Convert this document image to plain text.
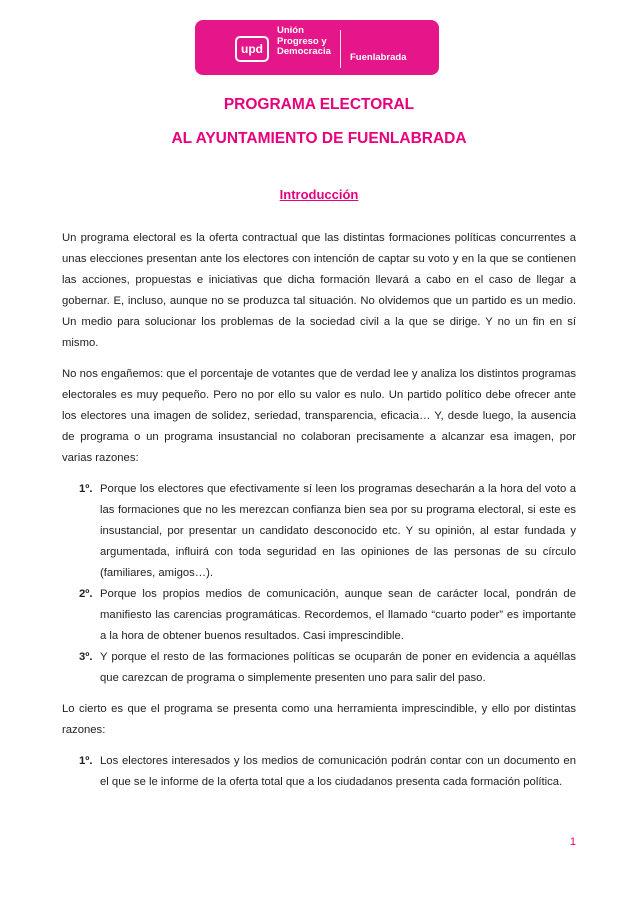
upd
Unión
Progreso y
Democracia
Fuenlabrada
PROGRAMA ELECTORAL
AL AYUNTAMIENTO DE FUENLABRADA
Introducción

Un programa electoral es la oferta contractual que las distintas formaciones políticas concurrentes a unas elecciones presentan ante los electores con intención de captar su voto y en la que se contienen las acciones, propuestas e iniciativas que dicha formación llevará a cabo en el caso de llegar a gobernar. E, incluso, aunque no se produzca tal situación. No olvidemos que un partido es un medio. Un medio para solucionar los problemas de la sociedad civil a la que se dirige. Y no un fin en sí mismo.

No nos engañemos: que el porcentaje de votantes que de verdad lee y analiza los distintos programas electorales es muy pequeño. Pero no por ello su valor es nulo. Un partido político debe ofrecer ante los electores una imagen de solidez, seriedad, transparencia, eficacia… Y, desde luego, la ausencia de programa o un programa insustancial no colaboran precisamente a alcanzar esa imagen, por varias razones:

1º. Porque los electores que efectivamente sí leen los programas desecharán a la hora del voto a las formaciones que no les merezcan confianza bien sea por su programa electoral, si este es insustancial, por presentar un candidato desconocido etc. Y su opinión, al estar fundada y argumentada, influirá con toda seguridad en las opiniones de las personas de su círculo (familiares, amigos…).
2º. Porque los propios medios de comunicación, aunque sean de carácter local, pondrán de manifiesto las carencias programáticas. Recordemos, el llamado “cuarto poder” es importante a la hora de obtener buenos resultados. Casi imprescindible.
3º. Y porque el resto de las formaciones políticas se ocuparán de poner en evidencia a aquéllas que carezcan de programa o simplemente presenten uno para salir del paso.

Lo cierto es que el programa se presenta como una herramienta imprescindible, y ello por distintas razones:

1º. Los electores interesados y los medios de comunicación podrán contar con un documento en el que se le informe de la oferta total que a los ciudadanos presenta cada formación política.
1
